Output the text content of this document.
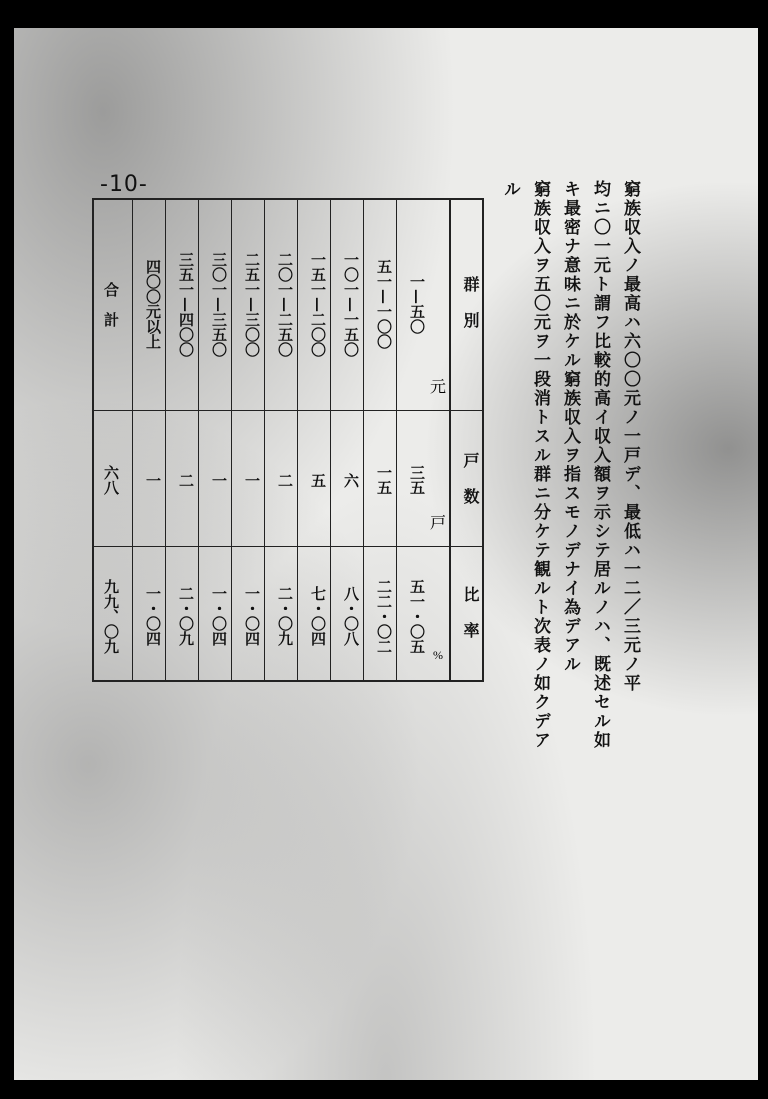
-10-	窮族収入ノ最高ハ六〇〇元ノ一戸デ、最低ハ一二／三元ノ平
均ニ〇一元ト謂フ比較的高イ収入額ヲ示シテ居ルノハ、既述セル如
キ最密ナ意味ニ於ケル窮族収入ヲ指スモノデナイ為デアル
窮族収入ヲ五〇元ヲ一段消トスル群ニ分ケテ観ルト次表ノ如クデア
ル
群　別
戸　数
比　率
元
戸
%
一—五〇
三五
五一・〇五
五一—一〇〇
一五
二二・〇二
一〇一—一五〇
六
八・〇八
一五一—二〇〇
五
七・〇四
二〇一—二五〇
二
二・〇九
二五一—三〇〇
一
一・〇四
三〇一—三五〇
一
一・〇四
三五一—四〇〇
二
二・〇九
四〇〇元以上
一
一・〇四
合　計
六八
九九、〇九
